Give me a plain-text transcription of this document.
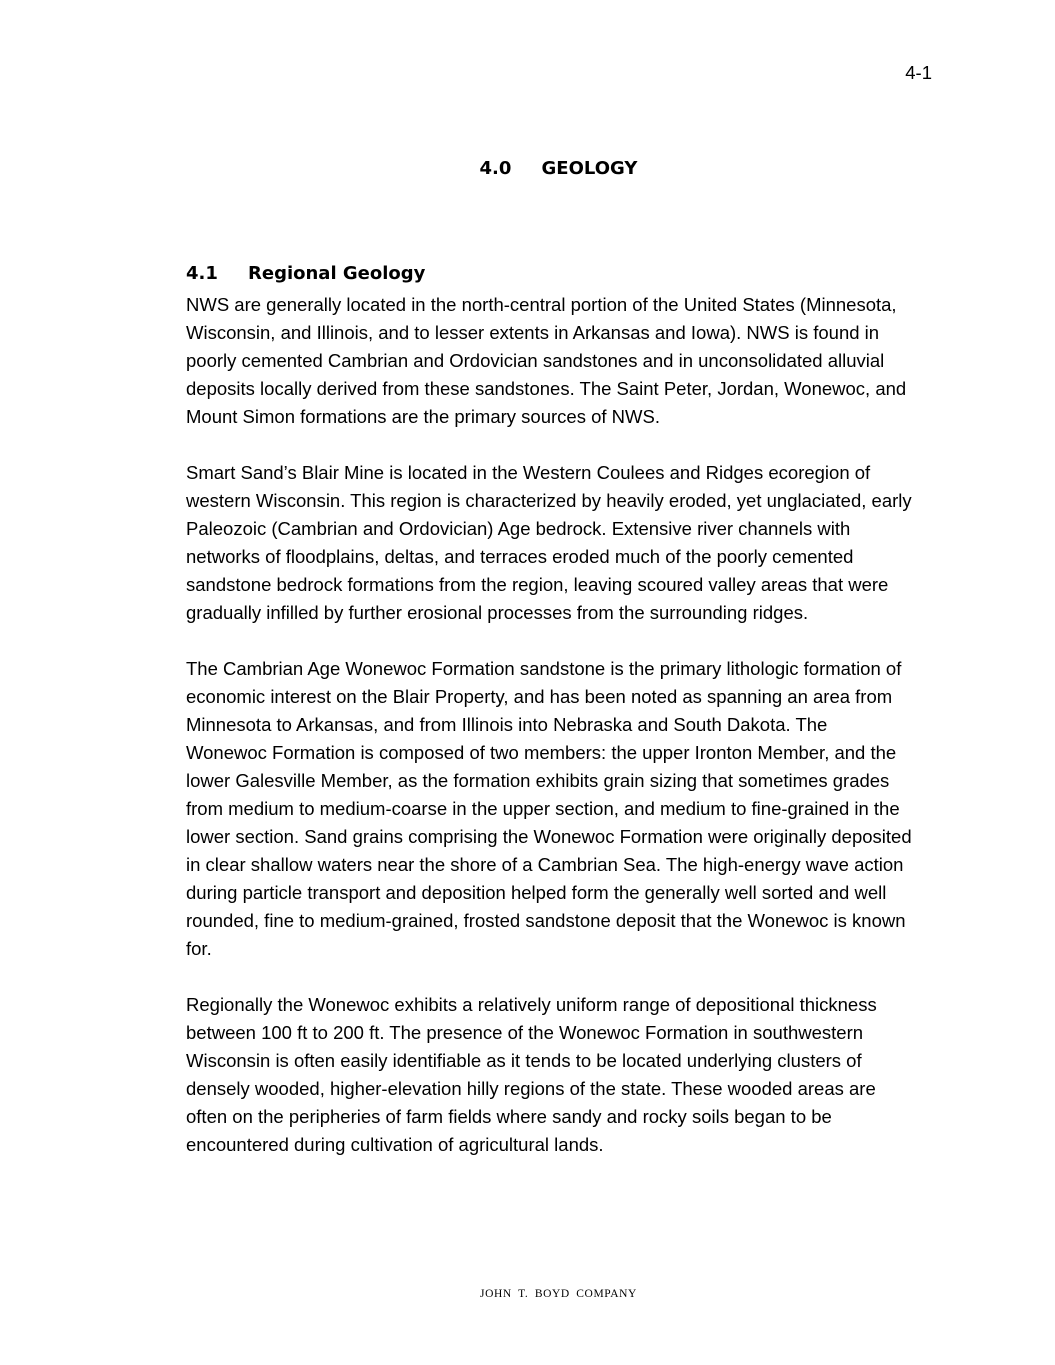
4-1
4.0 GEOLOGY
4.1 Regional Geology

NWS are generally located in the north-central portion of the United States (Minnesota,
Wisconsin, and Illinois, and to lesser extents in Arkansas and Iowa). NWS is found in
poorly cemented Cambrian and Ordovician sandstones and in unconsolidated alluvial
deposits locally derived from these sandstones. The Saint Peter, Jordan, Wonewoc, and
Mount Simon formations are the primary sources of NWS.

Smart Sand’s Blair Mine is located in the Western Coulees and Ridges ecoregion of
western Wisconsin. This region is characterized by heavily eroded, yet unglaciated, early
Paleozoic (Cambrian and Ordovician) Age bedrock. Extensive river channels with
networks of floodplains, deltas, and terraces eroded much of the poorly cemented
sandstone bedrock formations from the region, leaving scoured valley areas that were
gradually infilled by further erosional processes from the surrounding ridges.

The Cambrian Age Wonewoc Formation sandstone is the primary lithologic formation of
economic interest on the Blair Property, and has been noted as spanning an area from
Minnesota to Arkansas, and from Illinois into Nebraska and South Dakota. The
Wonewoc Formation is composed of two members: the upper Ironton Member, and the
lower Galesville Member, as the formation exhibits grain sizing that sometimes grades
from medium to medium-coarse in the upper section, and medium to fine-grained in the
lower section. Sand grains comprising the Wonewoc Formation were originally deposited
in clear shallow waters near the shore of a Cambrian Sea. The high-energy wave action
during particle transport and deposition helped form the generally well sorted and well
rounded, fine to medium-grained, frosted sandstone deposit that the Wonewoc is known
for.

Regionally the Wonewoc exhibits a relatively uniform range of depositional thickness
between 100 ft to 200 ft. The presence of the Wonewoc Formation in southwestern
Wisconsin is often easily identifiable as it tends to be located underlying clusters of
densely wooded, higher-elevation hilly regions of the state. These wooded areas are
often on the peripheries of farm fields where sandy and rocky soils began to be
encountered during cultivation of agricultural lands.

JOHN T. BOYD COMPANY
